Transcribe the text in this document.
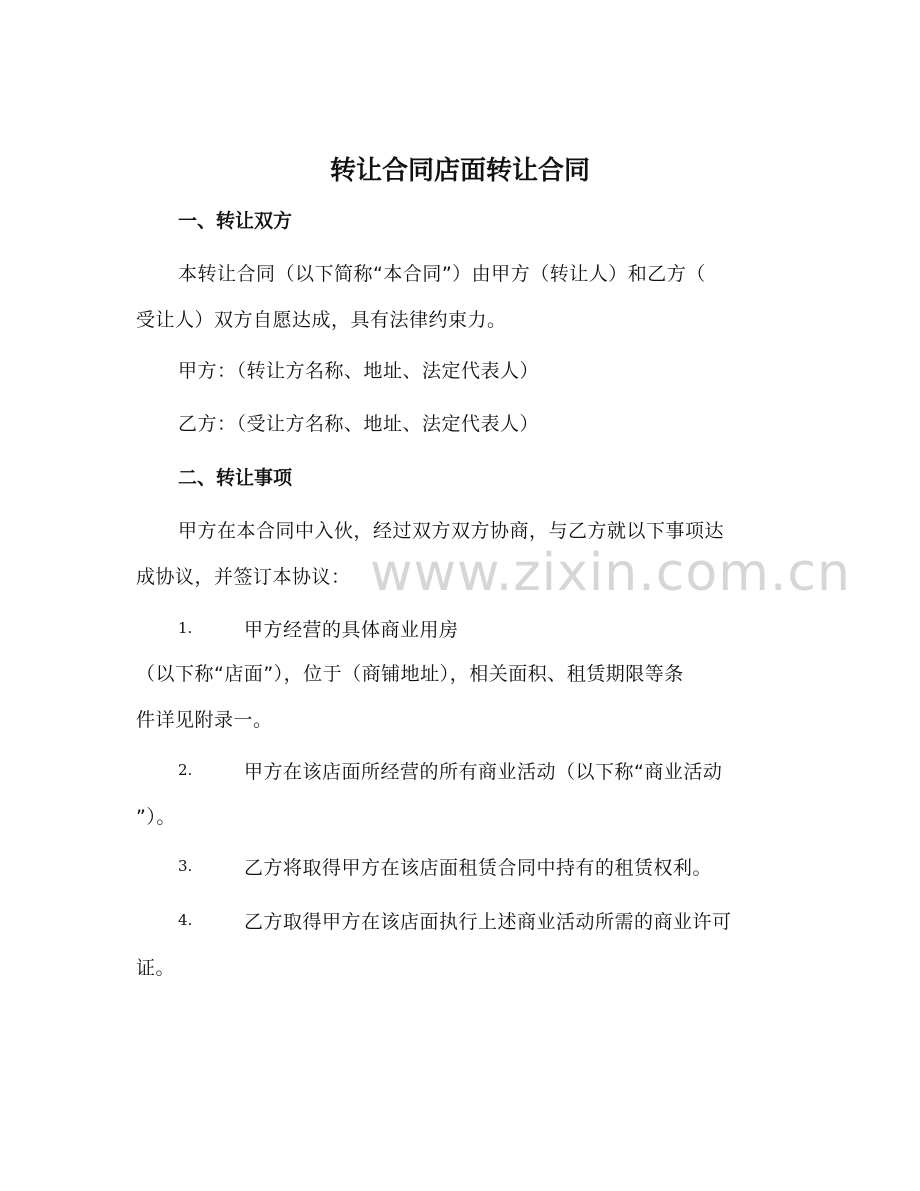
www.zixin.com.cn
转让合同店面转让合同
一、转让双方
本转让合同（以下简称“本合同”）由甲方（转让人）和乙方（
受让人）双方自愿达成，具有法律约束力。
甲方：（转让方名称、地址、法定代表人）
乙方：（受让方名称、地址、法定代表人）
二、转让事项
甲方在本合同中入伙，经过双方双方协商，与乙方就以下事项达
成协议，并签订本协议：
1.	甲方经营的具体商业用房
（以下称“店面”），位于（商铺地址），相关面积、租赁期限等条
件详见附录一。
2.	甲方在该店面所经营的所有商业活动（以下称“商业活动
”）。
3.	乙方将取得甲方在该店面租赁合同中持有的租赁权利。
4.	乙方取得甲方在该店面执行上述商业活动所需的商业许可
证。
